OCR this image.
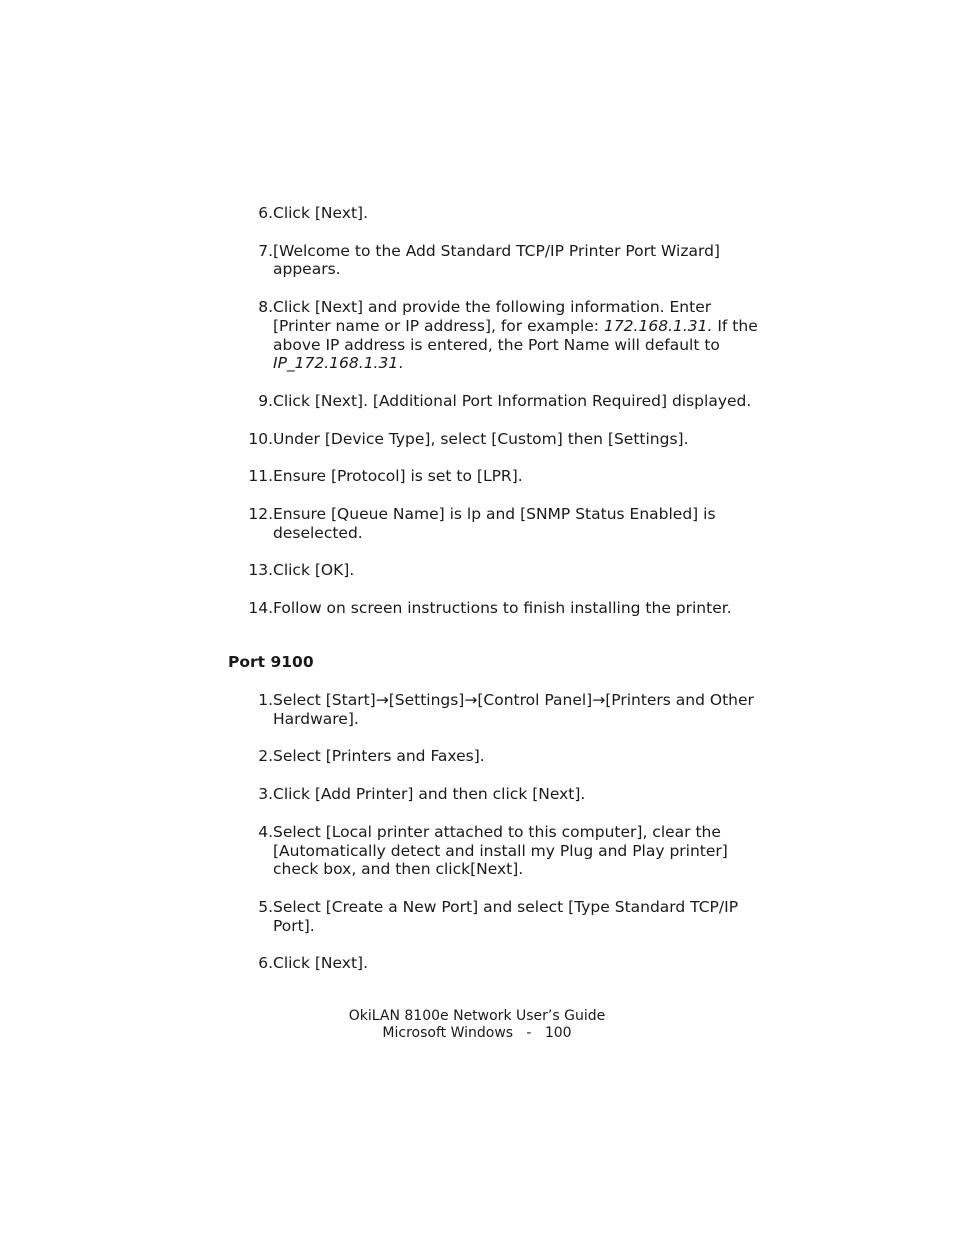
6. Click [Next].
7. [Welcome to the Add Standard TCP/IP Printer Port Wizard] appears.
8. Click [Next] and provide the following information. Enter [Printer name or IP address], for example: 172.168.1.31. If the above IP address is entered, the Port Name will default to IP_172.168.1.31.
9. Click [Next]. [Additional Port Information Required] displayed.
10. Under [Device Type], select [Custom] then [Settings].
11. Ensure [Protocol] is set to [LPR].
12. Ensure [Queue Name] is lp and [SNMP Status Enabled] is deselected.
13. Click [OK].
14. Follow on screen instructions to finish installing the printer.
Port 9100
1. Select [Start]→[Settings]→[Control Panel]→[Printers and Other Hardware].
2. Select [Printers and Faxes].
3. Click [Add Printer] and then click [Next].
4. Select [Local printer attached to this computer], clear the [Automatically detect and install my Plug and Play printer] check box, and then click[Next].
5. Select [Create a New Port] and select [Type Standard TCP/IP Port].
6. Click [Next].
OkiLAN 8100e Network User’s Guide
Microsoft Windows   -   100
